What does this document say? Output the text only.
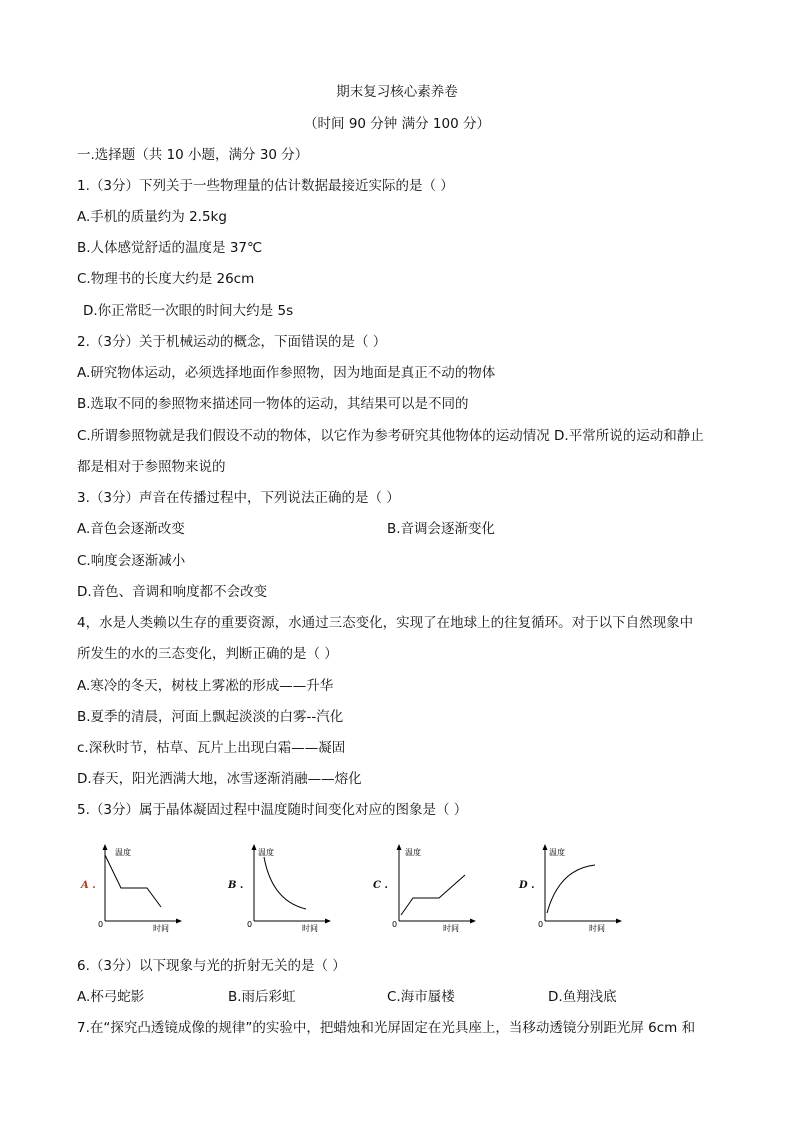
期末复习核心素养卷
（时间 90 分钟 满分 100 分）
一.选择题（共 10 小题，满分 30 分）
1.（3分）下列关于一些物理量的估计数据最接近实际的是（ ）
A.手机的质量约为 2.5kg
B.人体感觉舒适的温度是 37℃
C.物理书的长度大约是 26cm
D.你正常眨一次眼的时间大约是 5s
2.（3分）关于机械运动的概念，下面错误的是（ ）
A.研究物体运动，必须选择地面作参照物，因为地面是真正不动的物体
B.选取不同的参照物来描述同一物体的运动，其结果可以是不同的
C.所谓参照物就是我们假设不动的物体，以它作为参考研究其他物体的运动情况 D.平常所说的运动和静止
都是相对于参照物来说的
3.（3分）声音在传播过程中，下列说法正确的是（ ）
A.音色会逐渐改变	B.音调会逐渐变化
C.响度会逐渐减小
D.音色、音调和响度都不会改变
4，水是人类赖以生存的重要资源，水通过三态变化，实现了在地球上的往复循环。对于以下自然现象中
所发生的水的三态变化，判断正确的是（ ）
A.寒冷的冬天，树枝上雾凇的形成——升华
B.夏季的清晨，河面上飘起淡淡的白雾--汽化
c.深秋时节，枯草、瓦片上出现白霜——凝固
D.春天，阳光洒满大地，冰雪逐渐消融——熔化
5.（3分）属于晶体凝固过程中温度随时间变化对应的图象是（ ）
A .
温度
时间
0
B .
温度
时间
0
C .
温度
时间
0
D .
温度
时间
0
6.（3分）以下现象与光的折射无关的是（ ）
A.杯弓蛇影	B.雨后彩虹	C.海市蜃楼	D.鱼翔浅底
7.在“探究凸透镜成像的规律”的实验中，把蜡烛和光屏固定在光具座上，当移动透镜分别距光屏 6cm 和
